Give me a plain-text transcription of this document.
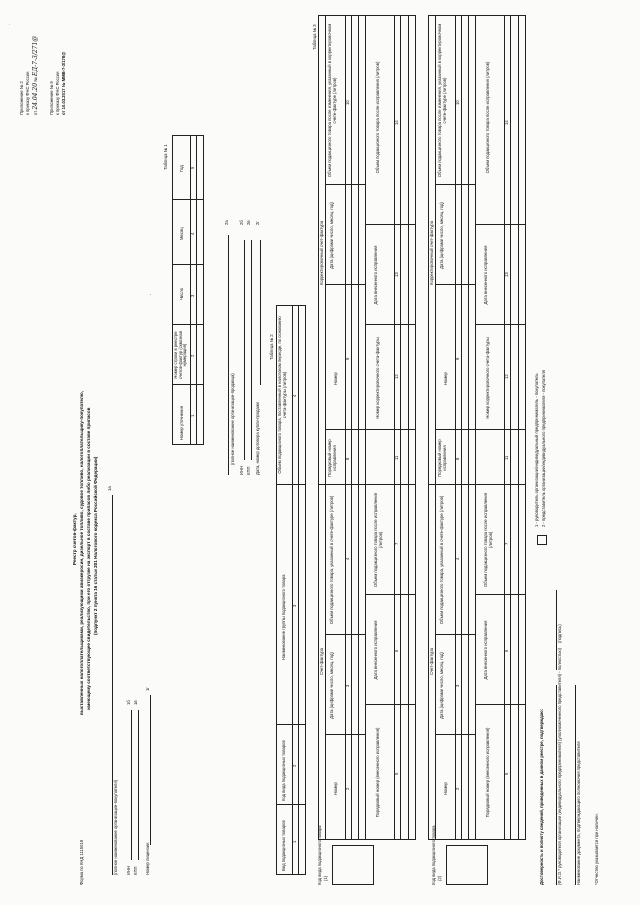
Приложение № 2 к приказу ФНС России от 24.04.20 № ЕД-7-3/271@
Приложение № 9 к приказу ФНС России от 10.03.2017 № ММВ-7-3/178@
Форма по КНД 1115019
Реестр счетов-фактур, выставленных налогоплательщиками, реализующими авиакеросин, дизельное топливо, судовое топливо, налогоплательщику-покупателю, имеющему соответствующее свидетельство, при его отгрузке на экспорт в составе припасов либо реализации в составе припасов (подпункт 2 пункта 16 статьи 201 Налогового кодекса Российской Федерации)
(полное наименование организации-покупателя)
1а
ИНН
1б
КПП
1в
Номер лицензии
1г
(полное наименование организации-продавца)
2а
ИНН
2б
КПП
2в
Дата, номер договора купли-продажи
2г
Таблица № 1
Номер уточнения
Номер строки в реестре счетов-фактур (сквозная нумерация)
Число
Месяц
Год
1
2
3
4
5
Таблица № 2
Вид подакцизных товаров
Код вида подакцизных товаров
Наименование группы подакцизного товара
Объем подакцизного товара, поставленный в налоговом периоде, по основанию счета-фактуры (литров)
1
2
3
4
Таблица № 3
Код вида подакцизного товара (1)
Счет-фактура
Корректировочный счет-фактура
Номер
Дата (цифрами число, месяц, год)
Объем подакцизного товара, указанный в счете-фактуре (литров)
Порядковый номер исправления
Номер
Дата (цифрами число, месяц, год)
Объем подакцизного товара после изменения, указанный в корректировочном счете-фактуре (литров)
2
3
4
8
9
10
Порядковый номер (внесенного исправления)
Дата внесенного исправления
Объем подакцизного товара после исправления (литров)
Номер корректировочного счета-фактуры
Дата внесенного исправления
Объем подакцизного товара после исправления (литров)
5
6
7
11
12
13
14
Код вида подакцизного товара (2)
Счет-фактура
Корректировочный счет-фактура
Номер
Дата (цифрами число, месяц, год)
Объем подакцизного товара, указанный в счете-фактуре (литров)
Порядковый номер исправления
Номер
Дата (цифрами число, месяц, год)
Объем подакцизного товара после изменения, указанный в корректировочном счете-фактуре (литров)
2
3
4
8
9
10
Порядковый номер (внесенного исправления)
Дата внесенного исправления
Объем подакцизного товара после исправления (литров)
Номер корректировочного счета-фактуры
Дата внесенного исправления
Объем подакцизного товара после исправления (литров)
5
6
7
11
12
13
14
Достоверность и полноту сведений, приведенных в данном реестре, подтверждаю:
1 - руководитель организации/индивидуальный предприниматель - покупатель 2 - представитель организации/индивидуального предпринимателя - покупателя
(Ф.И.О.* руководителя организации (индивидуального предпринимателя) (уполномоченного представителя) - полностью)
(подпись)
Наименование документа, подтверждающего полномочия представителя	*Отчество указывается при наличии.
·
'
